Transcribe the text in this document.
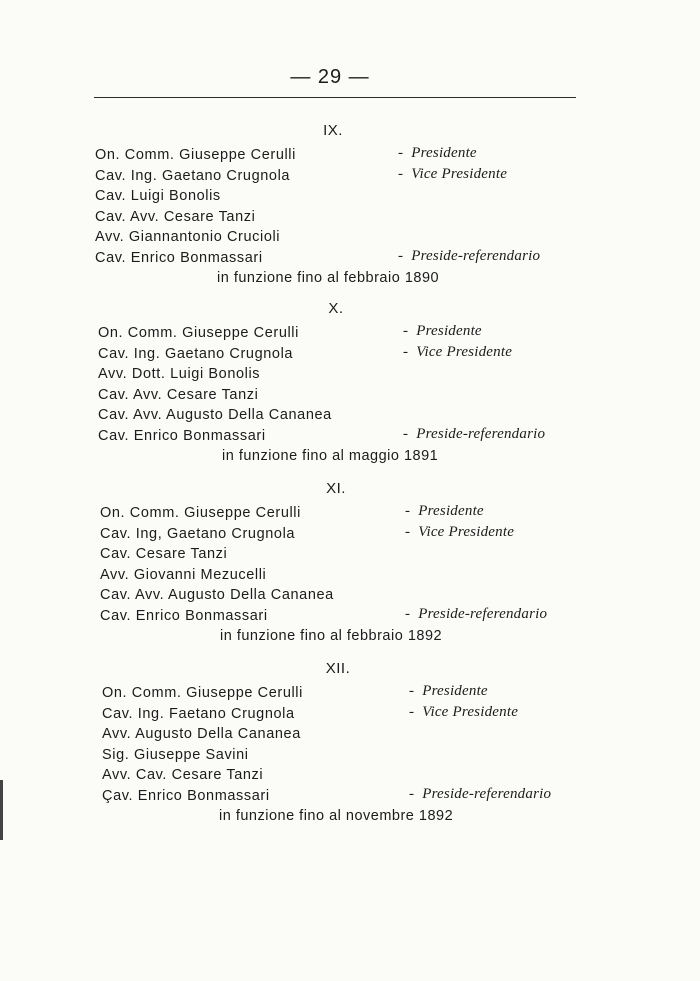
— 29 —
IX.
On. Comm. Giuseppe Cerulli	- Presidente
Cav. Ing. Gaetano Crugnola	- Vice Presidente
Cav. Luigi Bonolis
Cav. Avv. Cesare Tanzi
Avv. Giannantonio Crucioli
Cav. Enrico Bonmassari	- Preside-referendario
in funzione fino al febbraio 1890
X.
On. Comm. Giuseppe Cerulli	- Presidente
Cav. Ing. Gaetano Crugnola	- Vice Presidente
Avv. Dott. Luigi Bonolis
Cav. Avv. Cesare Tanzi
Cav. Avv. Augusto Della Cananea
Cav. Enrico Bonmassari	- Preside-referendario
in funzione fino al maggio 1891
XI.
On. Comm. Giuseppe Cerulli	- Presidente
Cav. Ing, Gaetano Crugnola	- Vice Presidente
Cav. Cesare Tanzi
Avv. Giovanni Mezucelli
Cav. Avv. Augusto Della Cananea
Cav. Enrico Bonmassari	- Preside-referendario
in funzione fino al febbraio 1892
XII.
On. Comm. Giuseppe Cerulli	- Presidente
Cav. Ing. Faetano Crugnola	- Vice Presidente
Avv. Augusto Della Cananea
Sig. Giuseppe Savini
Avv. Cav. Cesare Tanzi
Çav. Enrico Bonmassari	- Preside-referendario
in funzione fino al novembre 1892
